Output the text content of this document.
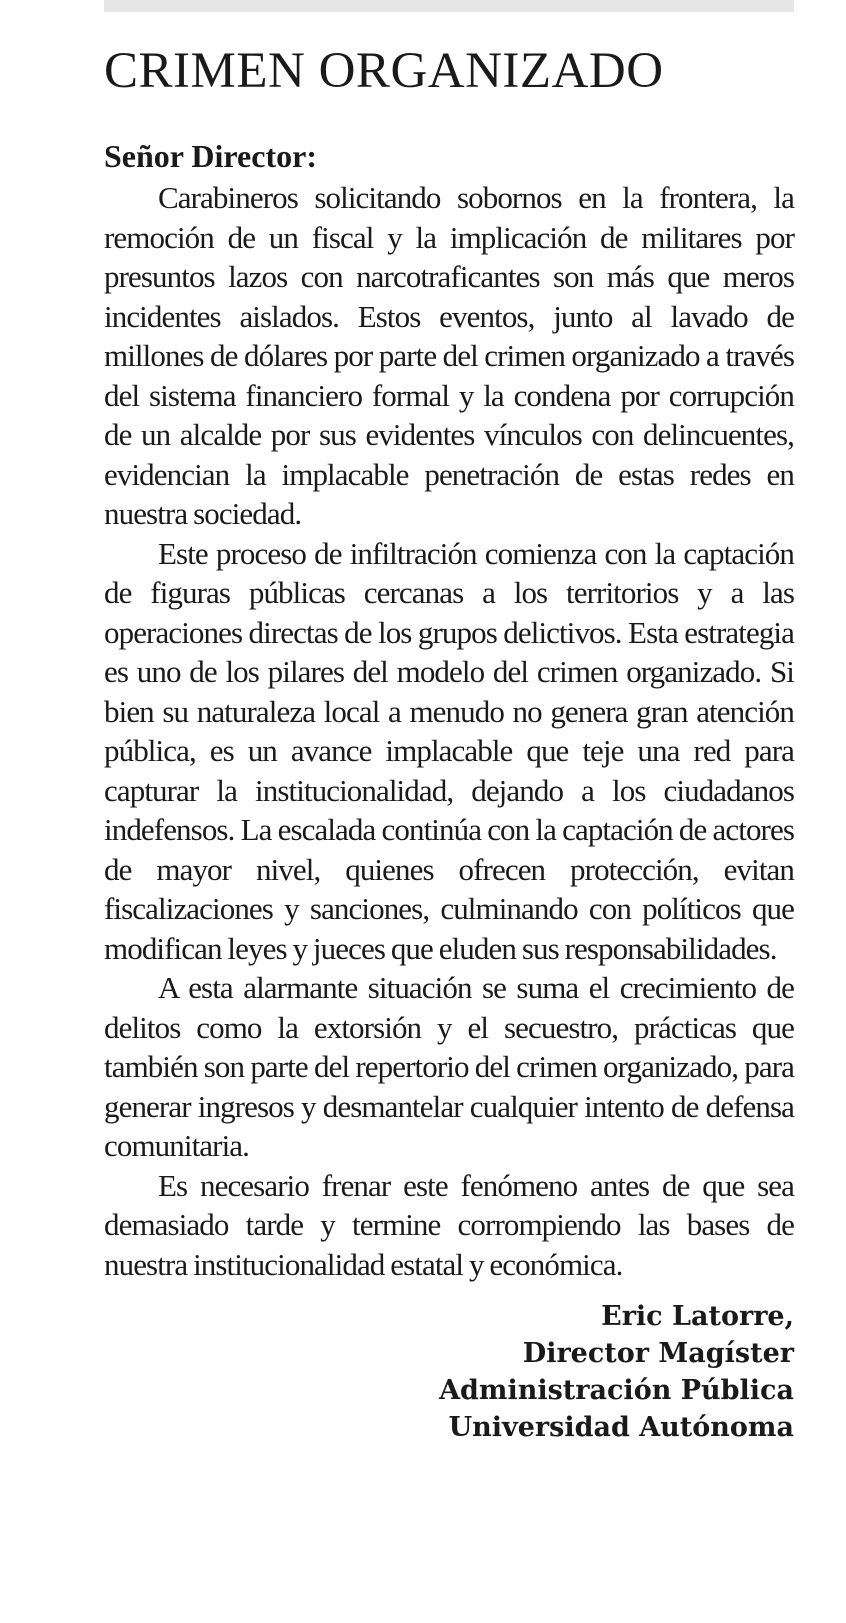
CRIMEN ORGANIZADO
Señor Director:

Carabineros solicitando sobornos en la frontera, la remoción de un fiscal y la implicación de militares por presuntos lazos con narcotraficantes son más que meros incidentes aislados. Estos eventos, junto al lavado de millones de dólares por parte del crimen organizado a través del sistema financiero formal y la condena por corrupción de un alcalde por sus evidentes vínculos con delincuentes, evidencian la implacable penetración de estas redes en nuestra sociedad.

Este proceso de infiltración comienza con la captación de figuras públicas cercanas a los territorios y a las operaciones directas de los grupos delictivos. Esta estrategia es uno de los pilares del modelo del crimen organizado. Si bien su naturaleza local a menudo no genera gran atención pública, es un avance implacable que teje una red para capturar la institucionalidad, dejando a los ciudadanos indefensos. La escalada continúa con la captación de actores de mayor nivel, quienes ofrecen protección, evitan fiscalizaciones y sanciones, culminando con políticos que modifican leyes y jueces que eluden sus responsabilidades.

A esta alarmante situación se suma el crecimiento de delitos como la extorsión y el secuestro, prácticas que también son parte del repertorio del crimen organizado, para generar ingresos y desmantelar cualquier intento de defensa comunitaria.

Es necesario frenar este fenómeno antes de que sea demasiado tarde y termine corrompiendo las bases de nuestra institucionalidad estatal y económica.

Eric Latorre,
Director Magíster
Administración Pública
Universidad Autónoma
